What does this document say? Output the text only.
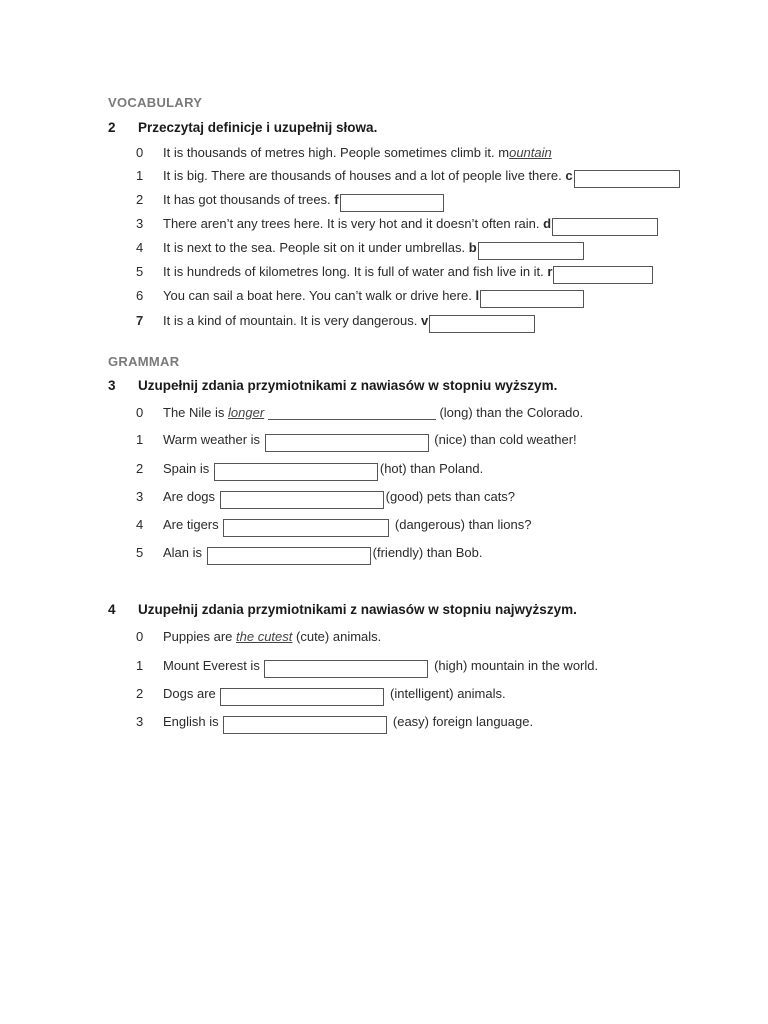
VOCABULARY
2 Przeczytaj definicje i uzupełnij słowa.
0 It is thousands of metres high. People sometimes climb it. mountain
1 It is big. There are thousands of houses and a lot of people live there. c
2 It has got thousands of trees. f
3 There aren’t any trees here. It is very hot and it doesn’t often rain. d
4 It is next to the sea. People sit on it under umbrellas. b
5 It is hundreds of kilometres long. It is full of water and fish live in it. r
6 You can sail a boat here. You can’t walk or drive here. l
7 It is a kind of mountain. It is very dangerous. v
GRAMMAR
3 Uzupełnij zdania przymiotnikami z nawiasów w stopniu wyższym.
0 The Nile is longer	(long) than the Colorado.
1 Warm weather is	(nice) than cold weather!
2 Spain is	(hot) than Poland.
3 Are dogs	(good) pets than cats?
4 Are tigers	(dangerous) than lions?
5 Alan is	(friendly) than Bob.
4 Uzupełnij zdania przymiotnikami z nawiasów w stopniu najwyższym.
0 Puppies are the cutest (cute) animals.
1 Mount Everest is	(high) mountain in the world.
2 Dogs are	(intelligent) animals.
3 English is	(easy) foreign language.
